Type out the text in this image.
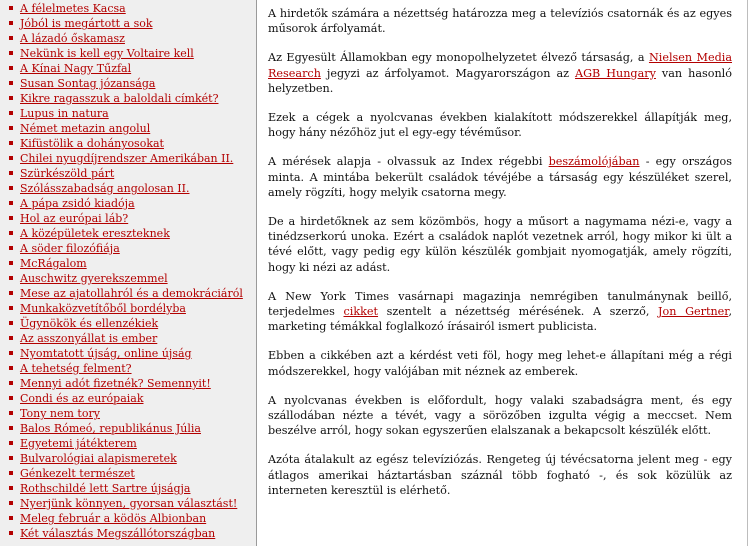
A félelmetes Kacsa
Jóból is megártott a sok
A lázadó őskamasz
Nekünk is kell egy Voltaire kell
A Kínai Nagy Tűzfal
Susan Sontag józansága
Kikre ragasszuk a baloldali címkét?
Lupus in natura
Német metazin angolul
Kifüstölik a dohányosokat
Chilei nyugdíjrendszer Amerikában II.
Szürkészöld párt
Szólásszabadság angolosan II.
A pápa zsidó kiadója
Hol az európai láb?
A középületek ereszteknek
A söder filozófiája
McRágalom
Auschwitz gyerekszemmel
Mese az ajatollahról és a demokráciáról
Munkaközvetítőből bordélyba
Ügynökök és ellenzékiek
Az asszonyállat is ember
Nyomtatott újság, online újság
A tehetség felment?
Mennyi adót fizetnék? Semennyit!
Condi és az európaiak
Tony nem tory
Balos Rómeó, republikánus Júlia
Egyetemi játékterem
Bulvarológiai alapismeretek
Génkezelt természet
Rothschildé lett Sartre újságja
Nyerjünk könnyen, gyorsan választást!
Meleg február a ködös Albionban
Két választás Megszállótországban

A hirdetők számára a nézettség határozza meg a televíziós csatornák és az egyes műsorok árfolyamát.

Az Egyesült Államokban egy monopolhelyzetet élvező társaság, a Nielsen Media Research jegyzi az árfolyamot. Magyarországon az AGB Hungary van hasonló helyzetben.

Ezek a cégek a nyolcvanas években kialakított módszerekkel állapítják meg, hogy hány nézőhöz jut el egy-egy tévéműsor.

A mérések alapja - olvassuk az Index régebbi beszámolójában - egy országos minta. A mintába bekerült családok tévéjébe a társaság egy készüléket szerel, amely rögzíti, hogy melyik csatorna megy.

De a hirdetőknek az sem közömbös, hogy a műsort a nagymama nézi-e, vagy a tinédzserkorú unoka. Ezért a családok naplót vezetnek arról, hogy mikor ki ült a tévé előtt, vagy pedig egy külön készülék gombjait nyomogatják, amely rögzíti, hogy ki nézi az adást.

A New York Times vasárnapi magazinja nemrégiben tanulmánynak beillő, terjedelmes cikket szentelt a nézettség mérésének. A szerző, Jon Gertner, marketing témákkal foglalkozó írásairól ismert publicista.

Ebben a cikkében azt a kérdést veti föl, hogy meg lehet-e állapítani még a régi módszerekkel, hogy valójában mit néznek az emberek.

A nyolcvanas években is előfordult, hogy valaki szabadságra ment, és egy szállodában nézte a tévét, vagy a sörözőben izgulta végig a meccset. Nem beszélve arról, hogy sokan egyszerűen elalszanak a bekapcsolt készülék előtt.

Azóta átalakult az egész televíziózás. Rengeteg új tévécsatorna jelent meg - egy átlagos amerikai háztartásban száznál több fogható -, és sok közülük az interneten keresztül is elérhető.
